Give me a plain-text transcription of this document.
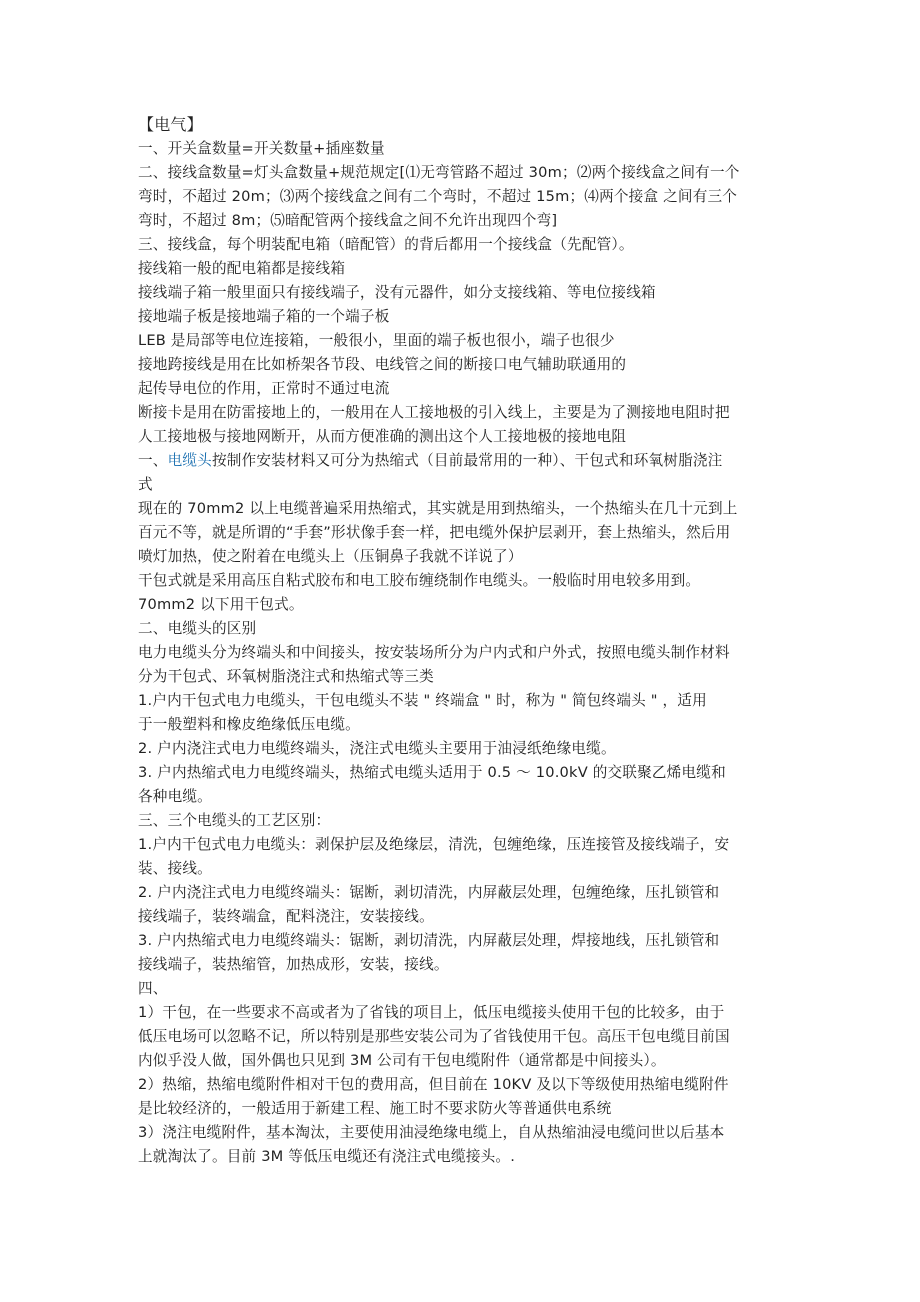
【电气】
一、开关盒数量=开关数量+插座数量
二、接线盒数量=灯头盒数量+规范规定[⑴无弯管路不超过 30m；⑵两个接线盒之间有一个
弯时，不超过 20m；⑶两个接线盒之间有二个弯时，不超过 15m；⑷两个接盒 之间有三个
弯时，不超过 8m；⑸暗配管两个接线盒之间不允许出现四个弯]
三、接线盒，每个明装配电箱（暗配管）的背后都用一个接线盒（先配管）。
接线箱一般的配电箱都是接线箱
接线端子箱一般里面只有接线端子，没有元器件，如分支接线箱、等电位接线箱
接地端子板是接地端子箱的一个端子板
LEB 是局部等电位连接箱，一般很小，里面的端子板也很小，端子也很少
接地跨接线是用在比如桥架各节段、电线管之间的断接口电气辅助联通用的
起传导电位的作用，正常时不通过电流
断接卡是用在防雷接地上的，一般用在人工接地极的引入线上，主要是为了测接地电阻时把
人工接地极与接地网断开，从而方便准确的测出这个人工接地极的接地电阻
一、电缆头按制作安装材料又可分为热缩式（目前最常用的一种）、干包式和环氧树脂浇注
式
现在的 70mm2 以上电缆普遍采用热缩式，其实就是用到热缩头，一个热缩头在几十元到上
百元不等，就是所谓的“手套”形状像手套一样，把电缆外保护层剥开，套上热缩头，然后用
喷灯加热，使之附着在电缆头上（压铜鼻子我就不详说了）
干包式就是采用高压自粘式胶布和电工胶布缠绕制作电缆头。一般临时用电较多用到。
70mm2 以下用干包式。
二、电缆头的区别
电力电缆头分为终端头和中间接头，按安装场所分为户内式和户外式，按照电缆头制作材料
分为干包式、环氧树脂浇注式和热缩式等三类
1.户内干包式电力电缆头，干包电缆头不装 " 终端盒 " 时，称为 " 简包终端头 " ，适用
于一般塑料和橡皮绝缘低压电缆。
2. 户内浇注式电力电缆终端头，浇注式电缆头主要用于油浸纸绝缘电缆。
3. 户内热缩式电力电缆终端头，热缩式电缆头适用于 0.5 ～ 10.0kV 的交联聚乙烯电缆和
各种电缆。
三、三个电缆头的工艺区别：
1.户内干包式电力电缆头：剥保护层及绝缘层，清洗，包缠绝缘，压连接管及接线端子，安
装、接线。
2. 户内浇注式电力电缆终端头：锯断，剥切清洗，内屏蔽层处理，包缠绝缘，压扎锁管和
接线端子，装终端盒，配料浇注，安装接线。
3. 户内热缩式电力电缆终端头：锯断，剥切清洗，内屏蔽层处理，焊接地线，压扎锁管和
接线端子，装热缩管，加热成形，安装，接线。
四、
1）干包，在一些要求不高或者为了省钱的项目上，低压电缆接头使用干包的比较多，由于
低压电场可以忽略不记，所以特别是那些安装公司为了省钱使用干包。高压干包电缆目前国
内似乎没人做，国外偶也只见到 3M 公司有干包电缆附件（通常都是中间接头）。
2）热缩，热缩电缆附件相对干包的费用高，但目前在 10KV 及以下等级使用热缩电缆附件
是比较经济的，一般适用于新建工程、施工时不要求防火等普通供电系统
3）浇注电缆附件，基本淘汰，主要使用油浸绝缘电缆上，自从热缩油浸电缆问世以后基本
上就淘汰了。目前 3M 等低压电缆还有浇注式电缆接头。.
